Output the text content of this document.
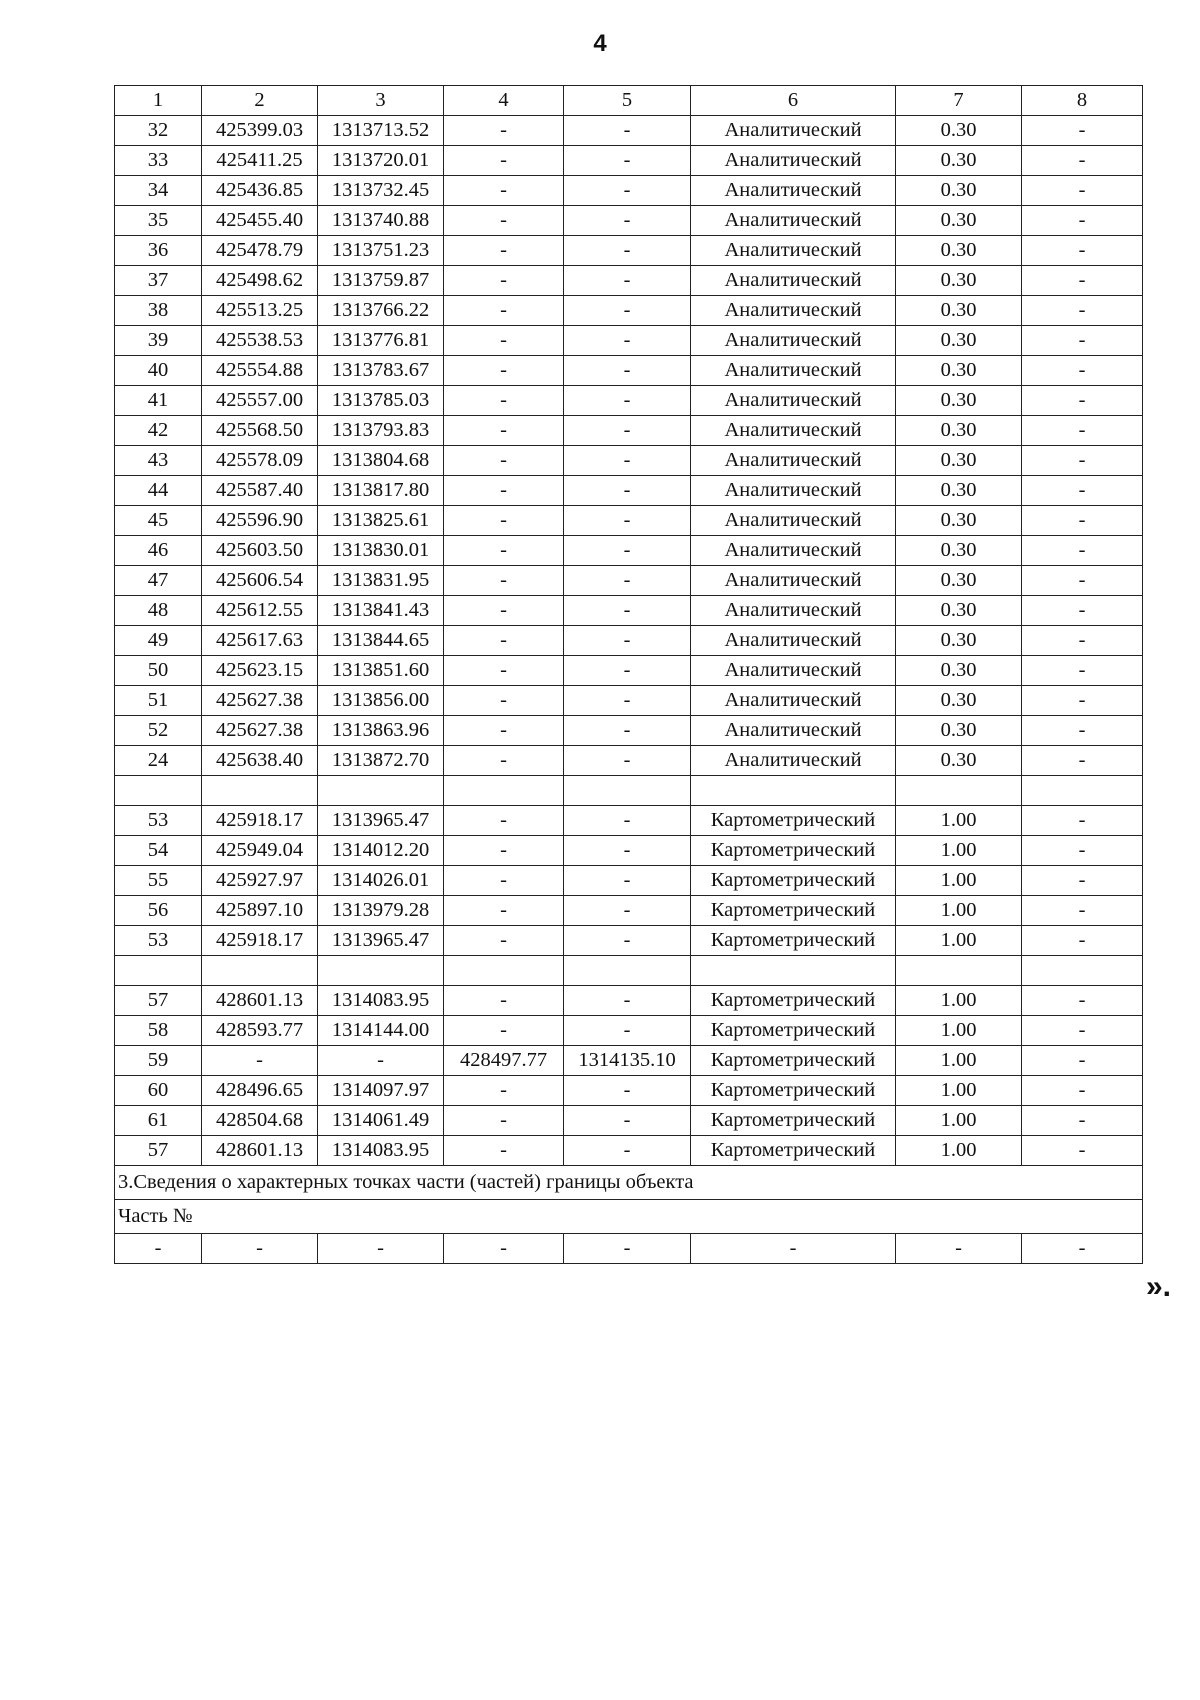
4
1	2	3	4	5	6	7	8
32	425399.03	1313713.52	-	-	Аналитический	0.30	-
33	425411.25	1313720.01	-	-	Аналитический	0.30	-
34	425436.85	1313732.45	-	-	Аналитический	0.30	-
35	425455.40	1313740.88	-	-	Аналитический	0.30	-
36	425478.79	1313751.23	-	-	Аналитический	0.30	-
37	425498.62	1313759.87	-	-	Аналитический	0.30	-
38	425513.25	1313766.22	-	-	Аналитический	0.30	-
39	425538.53	1313776.81	-	-	Аналитический	0.30	-
40	425554.88	1313783.67	-	-	Аналитический	0.30	-
41	425557.00	1313785.03	-	-	Аналитический	0.30	-
42	425568.50	1313793.83	-	-	Аналитический	0.30	-
43	425578.09	1313804.68	-	-	Аналитический	0.30	-
44	425587.40	1313817.80	-	-	Аналитический	0.30	-
45	425596.90	1313825.61	-	-	Аналитический	0.30	-
46	425603.50	1313830.01	-	-	Аналитический	0.30	-
47	425606.54	1313831.95	-	-	Аналитический	0.30	-
48	425612.55	1313841.43	-	-	Аналитический	0.30	-
49	425617.63	1313844.65	-	-	Аналитический	0.30	-
50	425623.15	1313851.60	-	-	Аналитический	0.30	-
51	425627.38	1313856.00	-	-	Аналитический	0.30	-
52	425627.38	1313863.96	-	-	Аналитический	0.30	-
24	425638.40	1313872.70	-	-	Аналитический	0.30	-

53	425918.17	1313965.47	-	-	Картометрический	1.00	-
54	425949.04	1314012.20	-	-	Картометрический	1.00	-
55	425927.97	1314026.01	-	-	Картометрический	1.00	-
56	425897.10	1313979.28	-	-	Картометрический	1.00	-
53	425918.17	1313965.47	-	-	Картометрический	1.00	-

57	428601.13	1314083.95	-	-	Картометрический	1.00	-
58	428593.77	1314144.00	-	-	Картометрический	1.00	-
59	-	-	428497.77	1314135.10	Картометрический	1.00	-
60	428496.65	1314097.97	-	-	Картометрический	1.00	-
61	428504.68	1314061.49	-	-	Картометрический	1.00	-
57	428601.13	1314083.95	-	-	Картометрический	1.00	-
3.Сведения о характерных точках части (частей) границы объекта							
Часть №							
-	-	-	-	-	-	-	-
».
